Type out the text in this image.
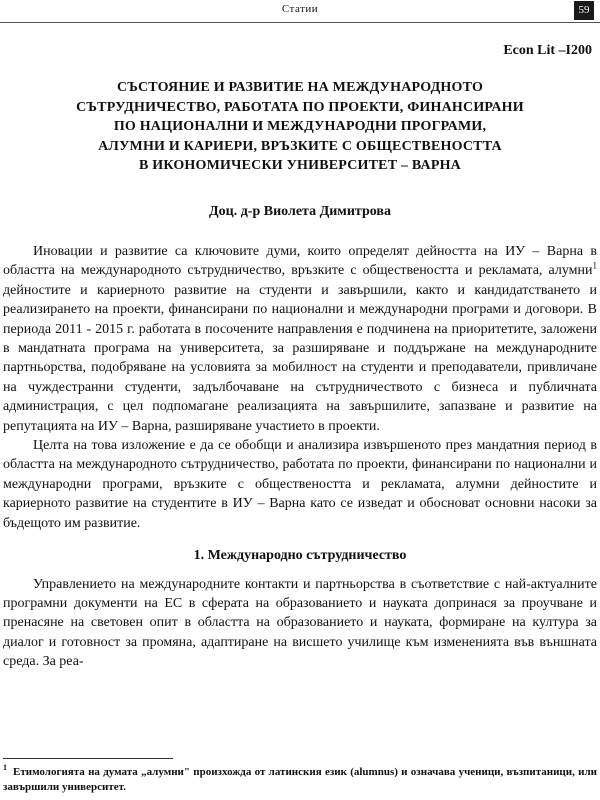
Статии	59
Econ Lit –I200
СЪСТОЯНИЕ И РАЗВИТИЕ НА МЕЖДУНАРОДНОТО
СЪТРУДНИЧЕСТВО, РАБОТАТА ПО ПРОЕКТИ, ФИНАНСИРАНИ
ПО НАЦИОНАЛНИ И МЕЖДУНАРОДНИ ПРОГРАМИ,
АЛУМНИ И КАРИЕРИ, ВРЪЗКИТЕ С ОБЩЕСТВЕНОСТТА
В ИКОНОМИЧЕСКИ УНИВЕРСИТЕТ – ВАРНА
Доц. д-р Виолета Димитрова

Иновации и развитие са ключовите думи, които определят дейността на ИУ – Варна в областта на международното сътрудничество, връзките с обществеността и рекламата, алумни$^1$ дейностите и кариерното развитие на студенти и завършили, както и кандидатстването и реализирането на проекти, финансирани по национални и международни програми и договори. В периода 2011 - 2015 г. работата в посочените направления е подчинена на приоритетите, заложени в мандатната програма на университета, за разширяване и поддържане на международните партньорства, подобряване на условията за мобилност на студенти и преподаватели, привличане на чуждестранни студенти, задълбочаване на сътрудничеството с бизнеса и публичната администрация, с цел подпомагане реализацията на завършилите, запазване и развитие на репутацията на ИУ – Варна, разширяване участието в проекти.

Целта на това изложение е да се обобщи и анализира извършеното през мандатния период в областта на международното сътрудничество, работата по проекти, финансирани по национални и международни програми, връзките с обществеността и рекламата, алумни дейностите и кариерното развитие на студентите в ИУ – Варна като се изведат и обосноват основни насоки за бъдещото им развитие.

1. Международно сътрудничество

Управлението на международните контакти и партньорства в съответствие с най-актуалните програмни документи на ЕС в сферата на образованието и науката допринася за проучване и пренасяне на световен опит в областта на образованието и науката, формиране на култура за диалог и готовност за промяна, адаптиране на висшето училище към измененията във външната среда. За реа-

$^1$ Етимологията на думата „алумни" произхожда от латинския език (alumnus) и означава ученици, възпитаници, или завършили университет.
